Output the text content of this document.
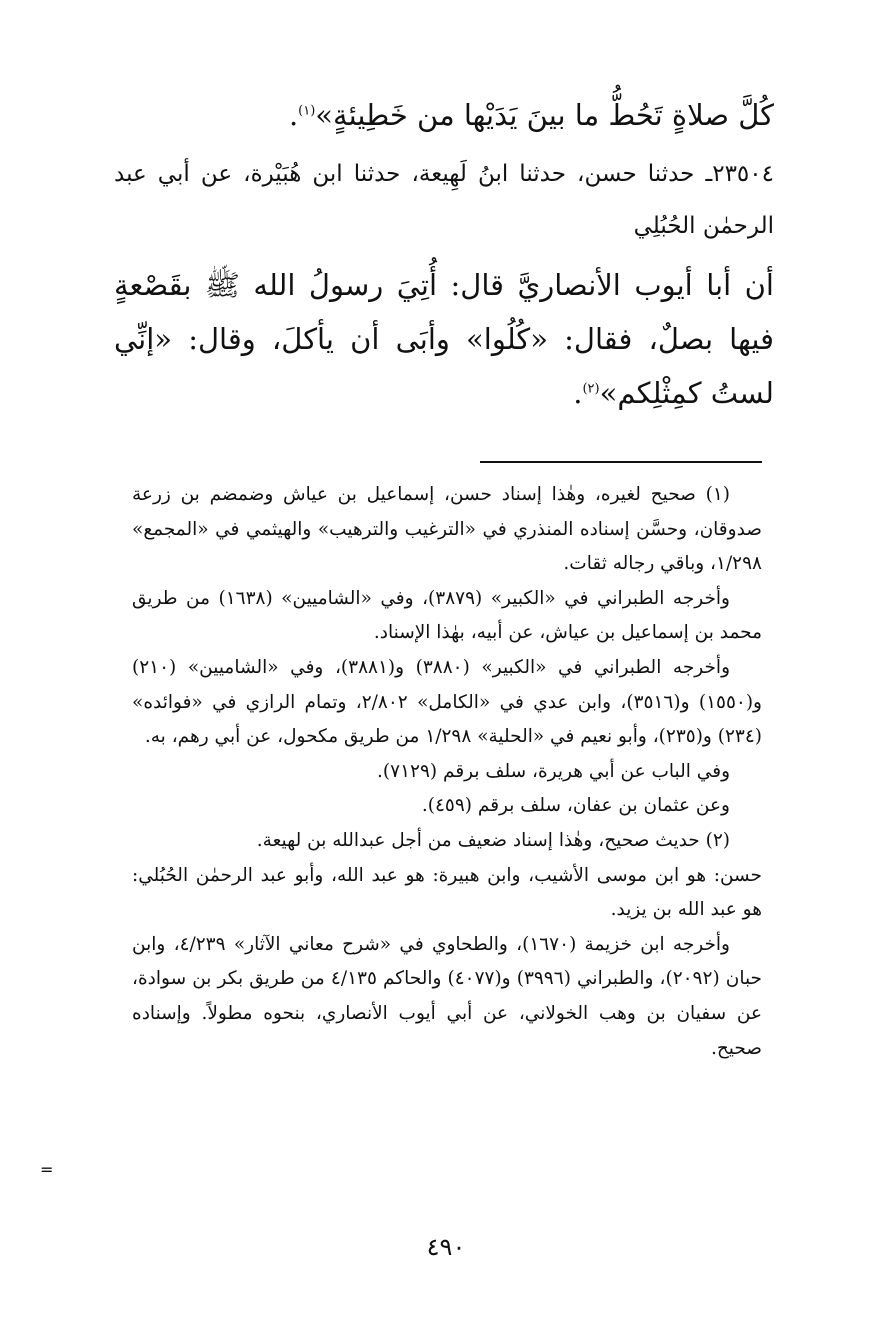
كُلَّ صلاةٍ تَحُطُّ ما بينَ يَدَيْها من خَطِيئةٍ»$^{(١)}$.
٢٣٥٠٤ـ حدثنا حسن، حدثنا ابنُ لَهِيعة، حدثنا ابن هُبَيْرة، عن أبي عبد الرحمٰن الحُبُلِي
أن أبا أيوب الأنصاريَّ قال: أُتِيَ رسولُ الله ﷺ بقَصْعةٍ فيها بصلٌ، فقال: «كُلُوا» وأبَى أن يأكلَ، وقال: «إنِّي لستُ كمِثْلِكم»$^{(٢)}$.

(١) صحيح لغيره، وهٰذا إسناد حسن، إسماعيل بن عياش وضمضم بن زرعة صدوقان، وحسَّن إسناده المنذري في «الترغيب والترهيب» والهيثمي في «المجمع» ١/٢٩٨، وباقي رجاله ثقات.

وأخرجه الطبراني في «الكبير» (٣٨٧٩)، وفي «الشاميين» (١٦٣٨) من طريق محمد بن إسماعيل بن عياش، عن أبيه، بهٰذا الإسناد.

وأخرجه الطبراني في «الكبير» (٣٨٨٠) و(٣٨٨١)، وفي «الشاميين» (٢١٠) و(١٥٥٠) و(٣٥١٦)، وابن عدي في «الكامل» ٢/٨٠٢، وتمام الرازي في «فوائده» (٢٣٤) و(٢٣٥)، وأبو نعيم في «الحلية» ١/٢٩٨ من طريق مكحول، عن أبي رهم، به.

وفي الباب عن أبي هريرة، سلف برقم (٧١٢٩).

وعن عثمان بن عفان، سلف برقم (٤٥٩).

(٢) حديث صحيح، وهٰذا إسناد ضعيف من أجل عبدالله بن لهيعة.

حسن: هو ابن موسى الأشيب، وابن هبيرة: هو عبد الله، وأبو عبد الرحمٰن الحُبُلي: هو عبد الله بن يزيد.

وأخرجه ابن خزيمة (١٦٧٠)، والطحاوي في «شرح معاني الآثار» ٤/٢٣٩، وابن حبان (٢٠٩٢)، والطبراني (٣٩٩٦) و(٤٠٧٧) والحاكم ٤/١٣٥ من طريق بكر بن سوادة، عن سفيان بن وهب الخولاني، عن أبي أيوب الأنصاري، بنحوه مطولاً. وإسناده صحيح.

=
٤٩٠
